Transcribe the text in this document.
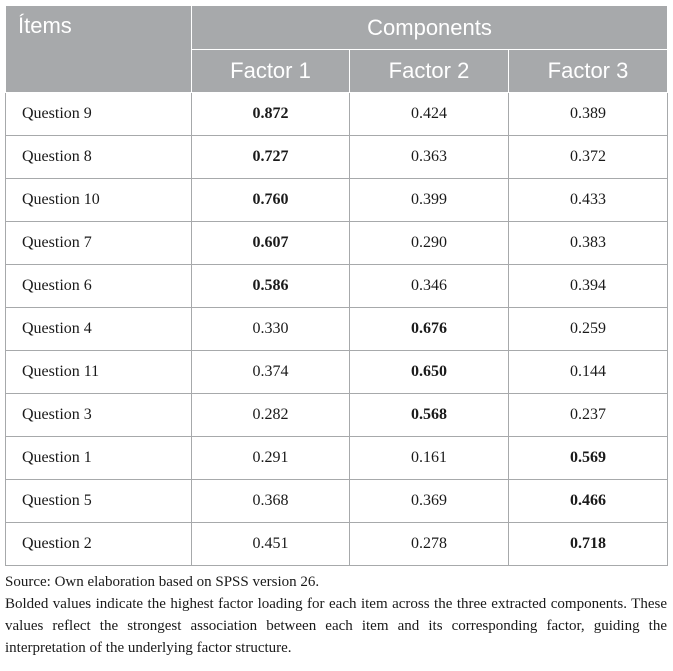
Ítems	Components		
	Factor 1	Factor 2	Factor 3
Question 9	0.872	0.424	0.389
Question 8	0.727	0.363	0.372
Question 10	0.760	0.399	0.433
Question 7	0.607	0.290	0.383
Question 6	0.586	0.346	0.394
Question 4	0.330	0.676	0.259
Question 11	0.374	0.650	0.144
Question 3	0.282	0.568	0.237
Question 1	0.291	0.161	0.569
Question 5	0.368	0.369	0.466
Question 2	0.451	0.278	0.718

Source: Own elaboration based on SPSS version 26.

Bolded values indicate the highest factor loading for each item across the three extracted components. These values reflect the strongest association between each item and its corresponding factor, guiding the interpretation of the underlying factor structure.
